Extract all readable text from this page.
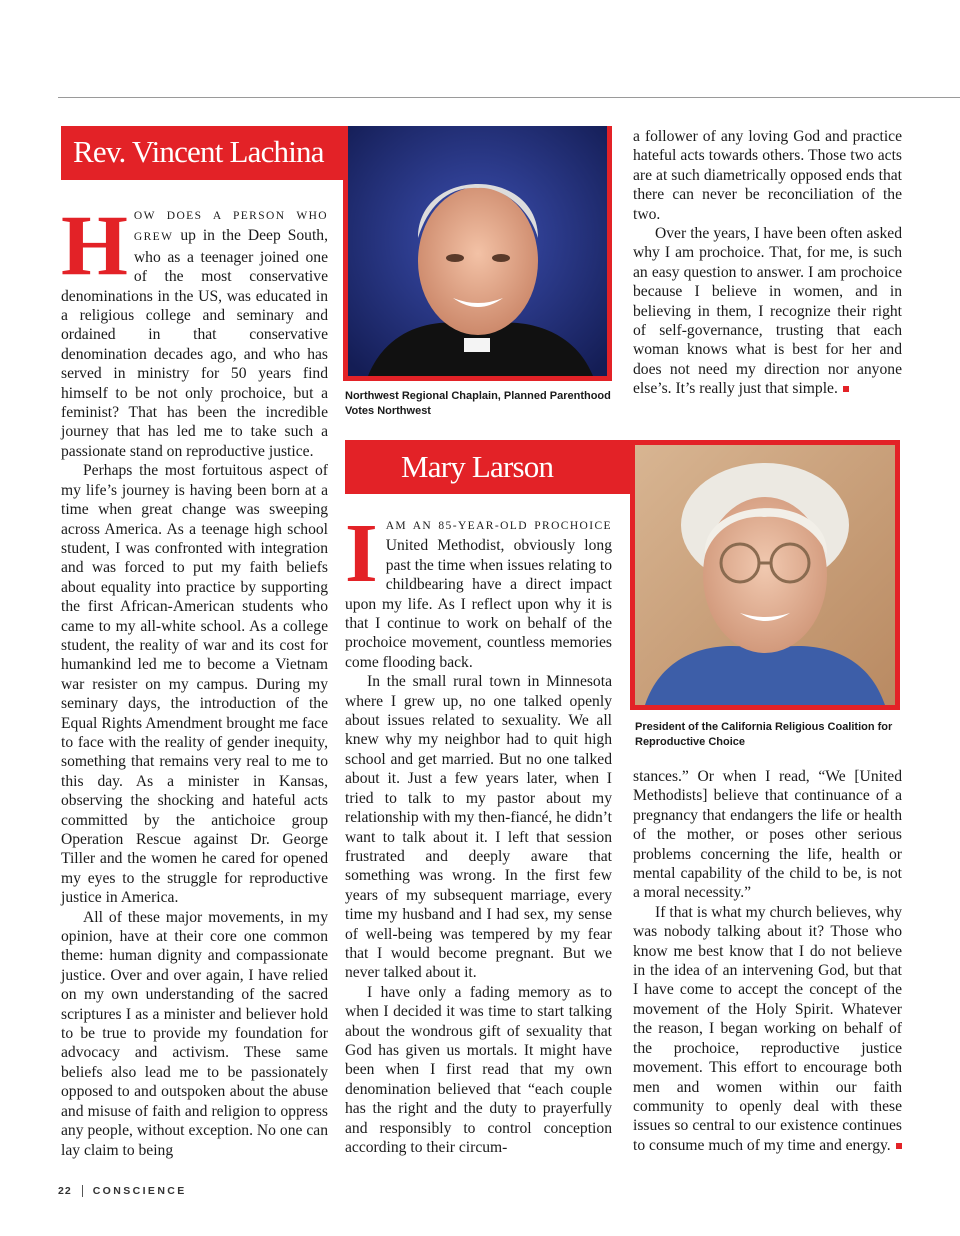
Rev. Vincent Lachina
Northwest Regional Chaplain, Planned Parenthood Votes Northwest

HOW DOES A PERSON WHO GREW up in the Deep South, who as a teenager joined one of the most conservative denominations in the US, was educated in a religious college and seminary and ordained in that conservative denomination decades ago, and who has served in ministry for 50 years find himself to be not only prochoice, but a feminist? That has been the incredible journey that has led me to take such a passionate stand on reproductive justice.

Perhaps the most fortuitous aspect of my life’s journey is having been born at a time when great change was sweeping across America. As a teenage high school student, I was confronted with integration and was forced to put my faith beliefs about equality into practice by supporting the first African-American students who came to my all-white school. As a college student, the reality of war and its cost for humankind led me to become a Vietnam war resister on my campus. During my seminary days, the introduction of the Equal Rights Amendment brought me face to face with the reality of gender inequity, something that remains very real to me to this day. As a minister in Kansas, observing the shocking and hateful acts committed by the antichoice group Operation Rescue against Dr. George Tiller and the women he cared for opened my eyes to the struggle for reproductive justice in America.

All of these major movements, in my opinion, have at their core one common theme: human dignity and compassionate justice. Over and over again, I have relied on my own understanding of the sacred scriptures I as a minister and believer hold to be true to provide my foundation for advocacy and activism. These same beliefs also lead me to be passionately opposed to and outspoken about the abuse and misuse of faith and religion to oppress any people, without exception. No one can lay claim to being

a follower of any loving God and practice hateful acts towards others. Those two acts are at such diametrically opposed ends that there can never be reconciliation of the two.

Over the years, I have been often asked why I am prochoice. That, for me, is such an easy question to answer. I am prochoice because I believe in women, and in believing in them, I recognize their right of self-governance, trusting that each woman knows what is best for her and does not need my direction nor anyone else’s. It’s really just that simple.

Mary Larson
President of the California Religious Coalition for Reproductive Choice

IAM AN 85-YEAR-OLD PROCHOICE United Methodist, obviously long past the time when issues relating to childbearing have a direct impact upon my life. As I reflect upon why it is that I continue to work on behalf of the prochoice movement, countless memories come flooding back.

In the small rural town in Minnesota where I grew up, no one talked openly about issues related to sexuality. We all knew why my neighbor had to quit high school and get married. But no one talked about it. Just a few years later, when I tried to talk to my pastor about my relationship with my then-fiancé, he didn’t want to talk about it. I left that session frustrated and deeply aware that something was wrong. In the first few years of my subsequent marriage, every time my husband and I had sex, my sense of well-being was tempered by my fear that I would become pregnant. But we never talked about it.

I have only a fading memory as to when I decided it was time to start talking about the wondrous gift of sexuality that God has given us mortals. It might have been when I first read that my own denomination believed that “each couple has the right and the duty to prayerfully and responsibly to control conception according to their circum-

stances.” Or when I read, “We [United Methodists] believe that continuance of a pregnancy that endangers the life or health of the mother, or poses other serious problems concerning the life, health or mental capability of the child to be, is not a moral necessity.”

If that is what my church believes, why was nobody talking about it? Those who know me best know that I do not believe in the idea of an intervening God, but that I have come to accept the concept of the movement of the Holy Spirit. Whatever the reason, I began working on behalf of the prochoice, reproductive justice movement. This effort to encourage both men and women within our faith community to openly deal with these issues so central to our existence continues to consume much of my time and energy.

22	CONSCIENCE
